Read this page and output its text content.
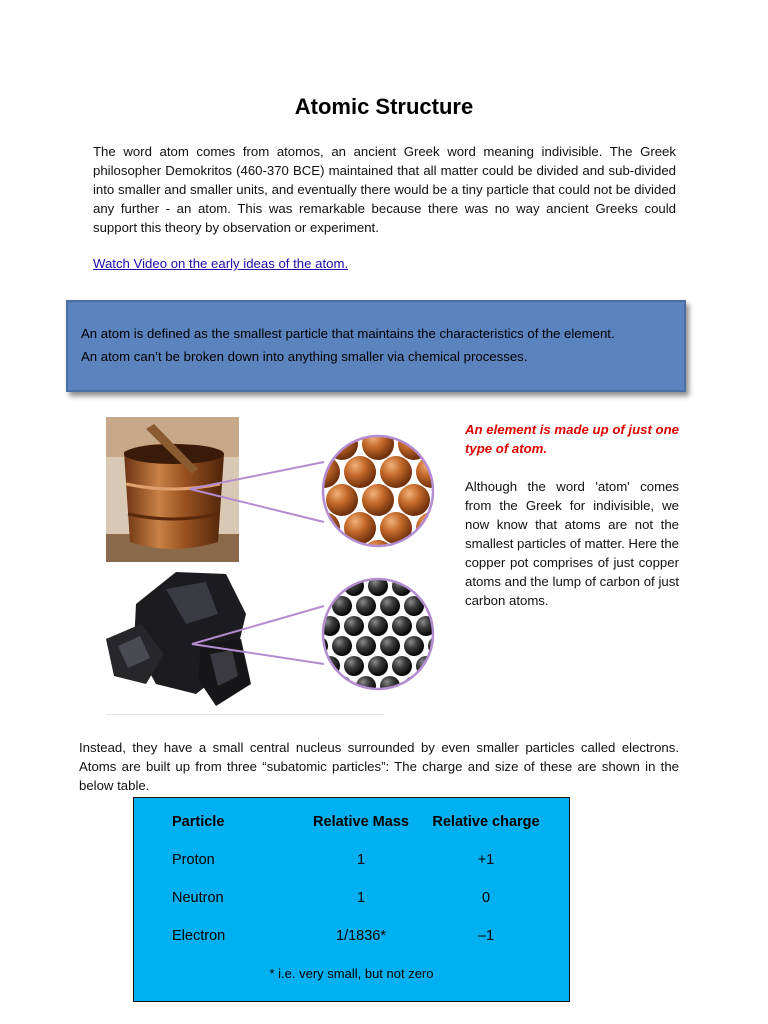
Atomic Structure
The word atom comes from atomos, an ancient Greek word meaning indivisible. The Greek philosopher Demokritos (460-370 BCE) maintained that all matter could be divided and sub-divided into smaller and smaller units, and eventually there would be a tiny particle that could not be divided any further - an atom. This was remarkable because there was no way ancient Greeks could support this theory by observation or experiment.
Watch Video on the early ideas of the atom.

An atom is defined as the smallest particle that maintains the characteristics of the element.

An atom can’t be broken down into anything smaller via chemical processes.

An element is made up of just one type of atom.
Although the word 'atom' comes from the Greek for indivisible, we now know that atoms are not the smallest particles of matter. Here the copper pot comprises of just copper atoms and the lump of carbon of just carbon atoms.
Instead, they have a small central nucleus surrounded by even smaller particles called electrons. Atoms are built up from three “subatomic particles”: The charge and size of these are shown in the below table.
Particle	Relative Mass	Relative charge
Proton	1	+1
Neutron	1	0
Electron	1/1836*	–1
* i.e. very small, but not zero
